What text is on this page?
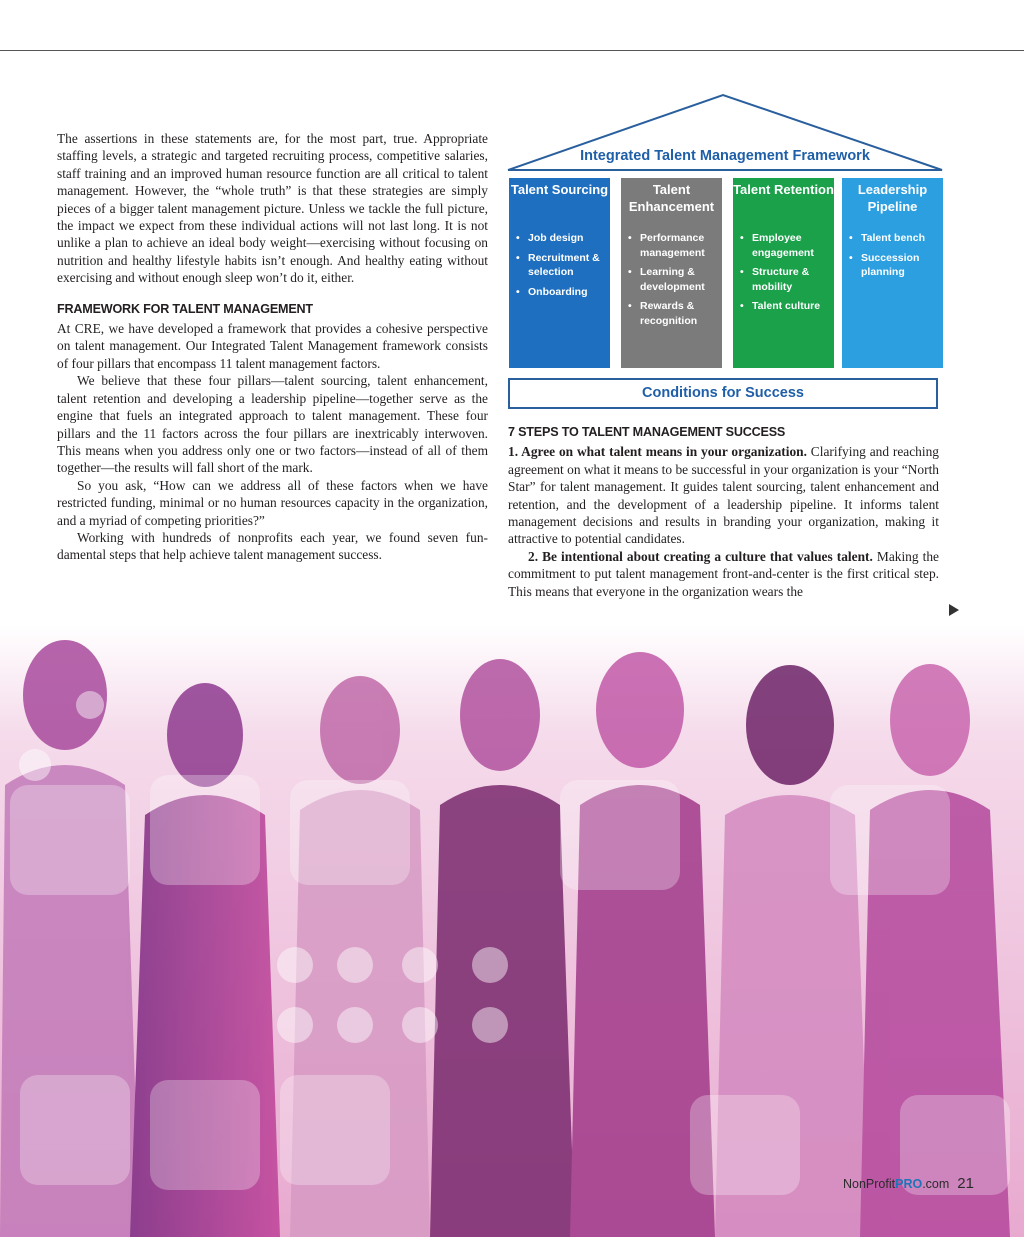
The assertions in these statements are, for the most part, true. Appropriate staffing levels, a strategic and targeted recruiting process, competitive salaries, staff training and an improved human resource function are all critical to talent management. However, the “whole truth” is that these strategies are simply pieces of a bigger talent management picture. Unless we tackle the full picture, the impact we expect from these individual actions will not last long. It is not unlike a plan to achieve an ideal body weight—exercising without focusing on nutrition and healthy lifestyle habits isn’t enough. And healthy eating without exercising and without enough sleep won’t do it, either.

FRAMEWORK FOR TALENT MANAGEMENT

At CRE, we have developed a framework that provides a cohesive perspective on talent management. Our Integrated Talent Management framework consists of four pillars that encompass 11 talent management factors.

We believe that these four pillars—talent sourcing, talent enhancement, talent retention and developing a leadership pipeline—together serve as the engine that fuels an integrated approach to talent management. These four pillars and the 11 factors across the four pillars are inextricably interwoven. This means when you address only one or two factors—instead of all of them together—the results will fall short of the mark.

So you ask, “How can we address all of these factors when we have restricted funding, minimal or no human resources capacity in the organization, and a myriad of competing priorities?”

Working with hundreds of nonprofits each year, we found seven fundamental steps that help achieve talent management success.

Integrated Talent Management Framework
Talent Sourcing
• Job design
• Recruitment & selection
• Onboarding
Talent Enhancement
• Performance management
• Learning & development
• Rewards & recognition
Talent Retention
• Employee engagement
• Structure & mobility
• Talent culture
Leadership Pipeline
• Talent bench
• Succession planning
Conditions for Success
7 STEPS TO TALENT MANAGEMENT SUCCESS

1. Agree on what talent means in your organization. Clarifying and reaching agreement on what it means to be successful in your organization is your “North Star” for talent management. It guides talent sourcing, talent enhancement and retention, and the development of a leadership pipeline. It informs talent management decisions and results in branding your organization, making it attractive to potential candidates.

2. Be intentional about creating a culture that values talent. Making the commitment to put talent management front-and-center is the first critical step. This means that everyone in the organization wears the

NonProfitPRO.com 21
